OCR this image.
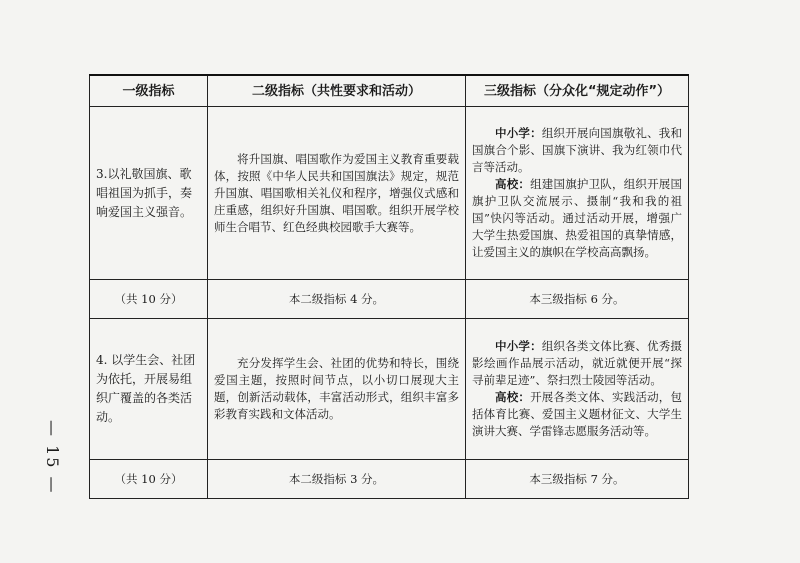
— 15 —
一级指标	二级指标（共性要求和活动）	三级指标（分众化“规定动作”）

3.以礼敬国旗、歌唱祖国为抓手，奏响爱国主义强音。	将升国旗、唱国歌作为爱国主义教育重要载体，按照《中华人民共和国国旗法》规定，规范升国旗、唱国歌相关礼仪和程序，增强仪式感和庄重感，组织好升国旗、唱国歌。组织开展学校师生合唱节、红色经典校园歌手大赛等。	中小学：组织开展向国旗敬礼、我和国旗合个影、国旗下演讲、我为红领巾代言等活动。
高校：组建国旗护卫队，组织开展国旗护卫队交流展示、摄制“我和我的祖国”快闪等活动。通过活动开展，增强广大学生热爱国旗、热爱祖国的真挚情感，让爱国主义的旗帜在学校高高飘扬。

（共 10 分）	本二级指标 4 分。	本三级指标 6 分。

4. 以学生会、社团为依托，开展易组织广覆盖的各类活动。	充分发挥学生会、社团的优势和特长，围绕爱国主题，按照时间节点，以小切口展现大主题，创新活动载体，丰富活动形式，组织丰富多彩教育实践和文体活动。	中小学：组织各类文体比赛、优秀摄影绘画作品展示活动，就近就便开展“探寻前辈足迹”、祭扫烈士陵园等活动。
高校：开展各类文体、实践活动，包括体育比赛、爱国主义题材征文、大学生演讲大赛、学雷锋志愿服务活动等。

（共 10 分）	本二级指标 3 分。	本三级指标 7 分。
